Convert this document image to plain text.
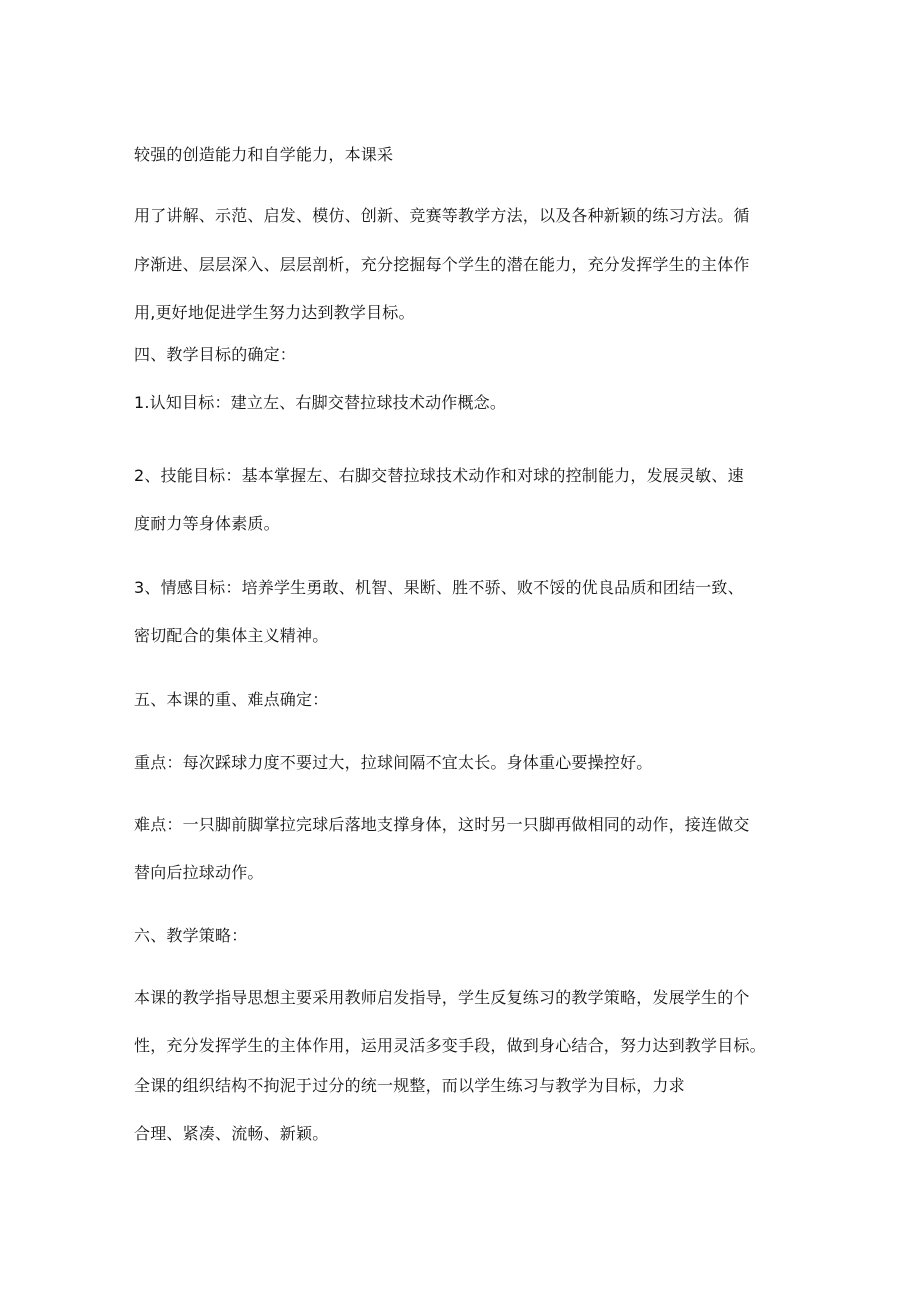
较强的创造能力和自学能力，本课采

用了讲解、示范、启发、模仿、创新、竞赛等教学方法，以及各种新颖的练习方法。循

序渐进、层层深入、层层剖析，充分挖掘每个学生的潜在能力，充分发挥学生的主体作

用,更好地促进学生努力达到教学目标。

四、教学目标的确定：

1.认知目标：建立左、右脚交替拉球技术动作概念。

2、技能目标：基本掌握左、右脚交替拉球技术动作和对球的控制能力，发展灵敏、速

度耐力等身体素质。

3、情感目标：培养学生勇敢、机智、果断、胜不骄、败不馁的优良品质和团结一致、

密切配合的集体主义精神。

五、本课的重、难点确定：

重点：每次踩球力度不要过大，拉球间隔不宜太长。身体重心要操控好。

难点：一只脚前脚掌拉完球后落地支撑身体，这时另一只脚再做相同的动作，接连做交

替向后拉球动作。

六、教学策略：

本课的教学指导思想主要采用教师启发指导，学生反复练习的教学策略，发展学生的个

性，充分发挥学生的主体作用，运用灵活多变手段，做到身心结合，努力达到教学目标。

全课的组织结构不拘泥于过分的统一规整，而以学生练习与教学为目标，力求

合理、紧凑、流畅、新颖。
